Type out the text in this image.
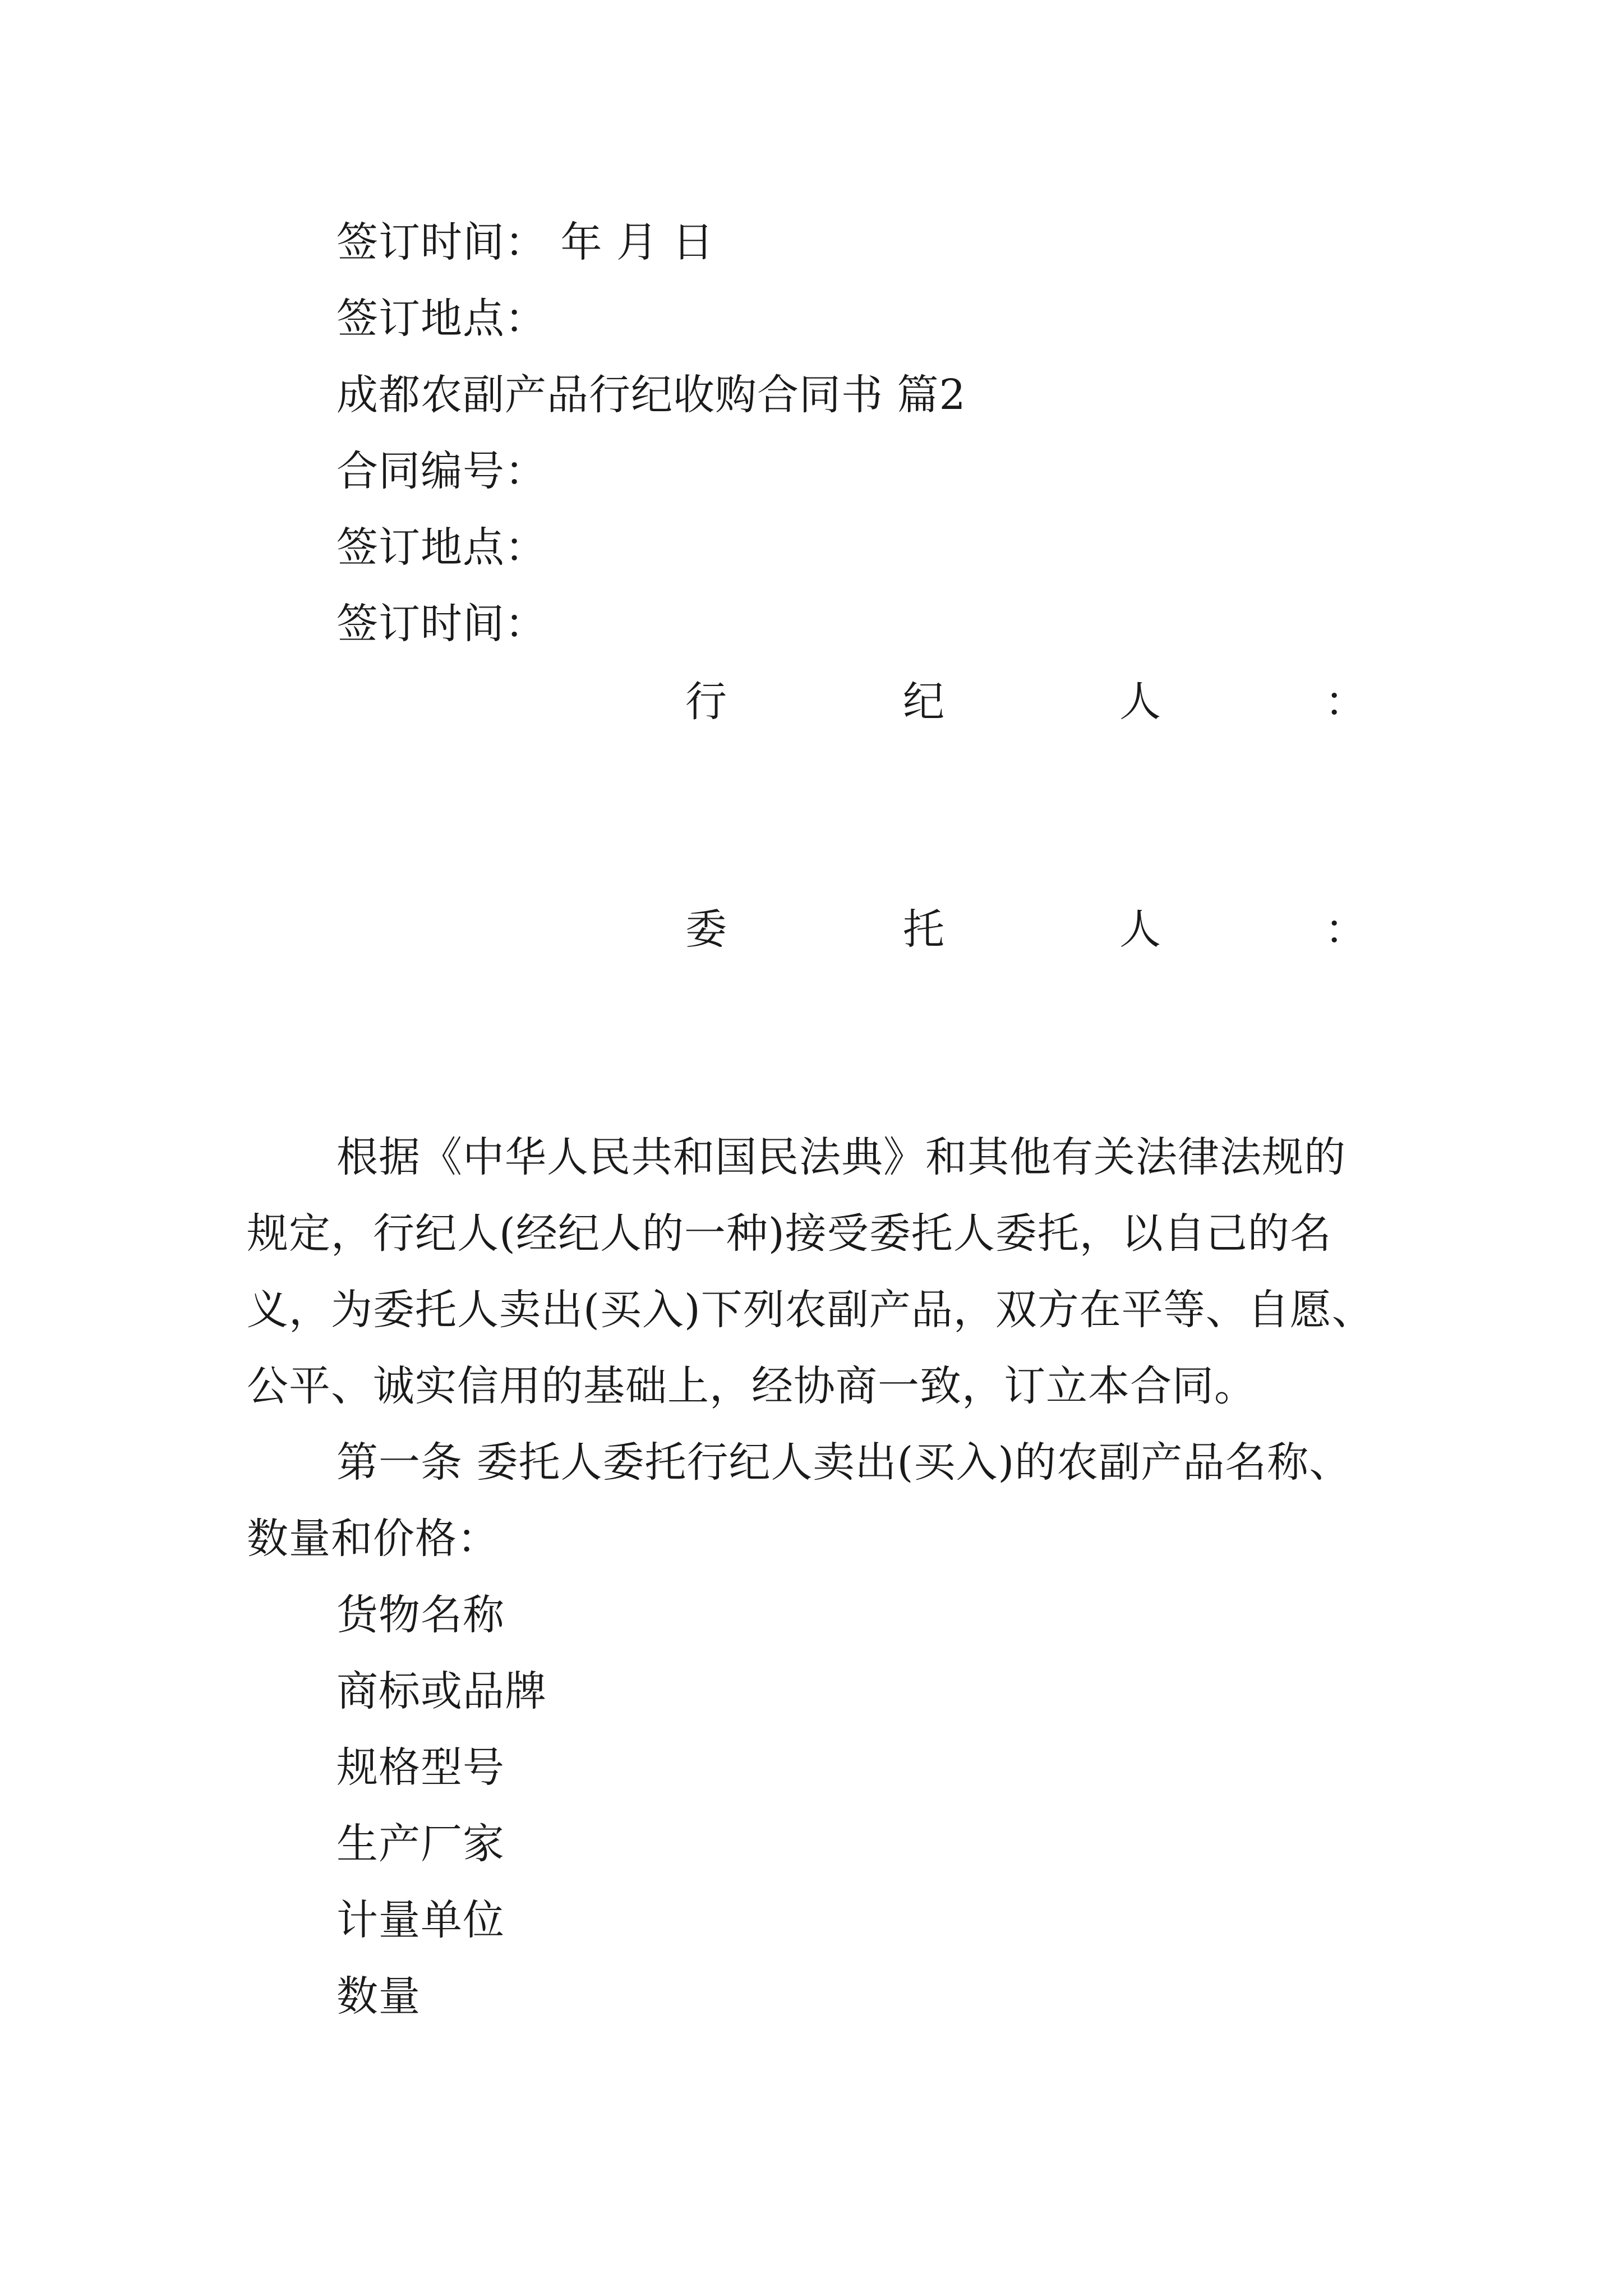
签订时间： 年 月 日
签订地点：
成都农副产品行纪收购合同书 篇2
合同编号：
签订地点：
签订时间：
行	纪	人	：
委	托	人	：
根据《中华人民共和国民法典》和其他有关法律法规的
规定，行纪人(经纪人的一种)接受委托人委托，以自己的名
义，为委托人卖出(买入)下列农副产品，双方在平等、自愿、
公平、诚实信用的基础上，经协商一致，订立本合同。
第一条 委托人委托行纪人卖出(买入)的农副产品名称、
数量和价格：
货物名称
商标或品牌
规格型号
生产厂家
计量单位
数量
